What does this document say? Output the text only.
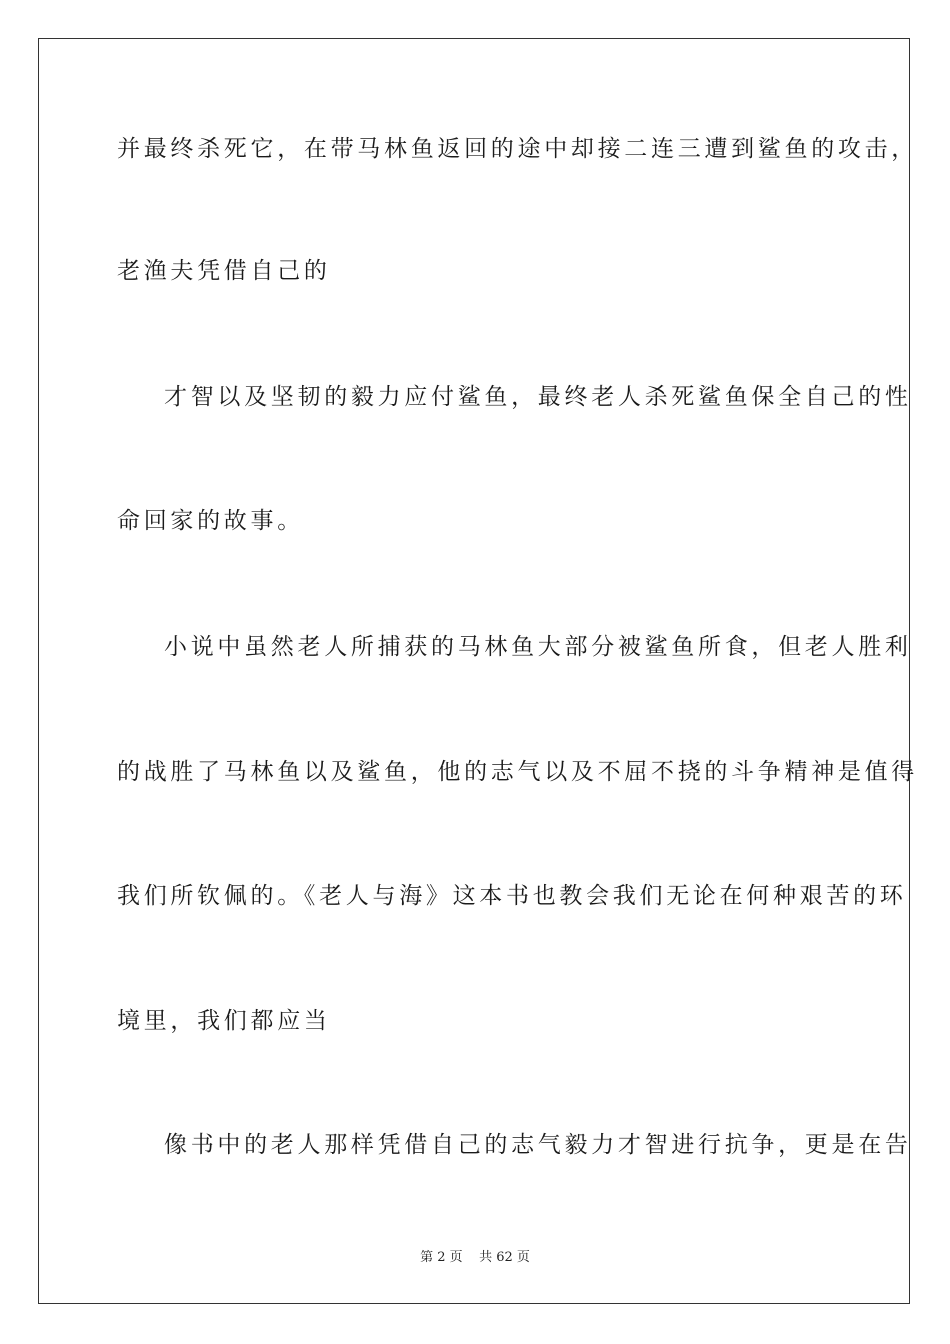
并最终杀死它，在带马林鱼返回的途中却接二连三遭到鲨鱼的攻击，
老渔夫凭借自己的
才智以及坚韧的毅力应付鲨鱼，最终老人杀死鲨鱼保全自己的性
命回家的故事。
小说中虽然老人所捕获的马林鱼大部分被鲨鱼所食，但老人胜利
的战胜了马林鱼以及鲨鱼，他的志气以及不屈不挠的斗争精神是值得
我们所钦佩的。《老人与海》这本书也教会我们无论在何种艰苦的环
境里，我们都应当
像书中的老人那样凭借自己的志气毅力才智进行抗争，更是在告
第 2 页    共 62 页
